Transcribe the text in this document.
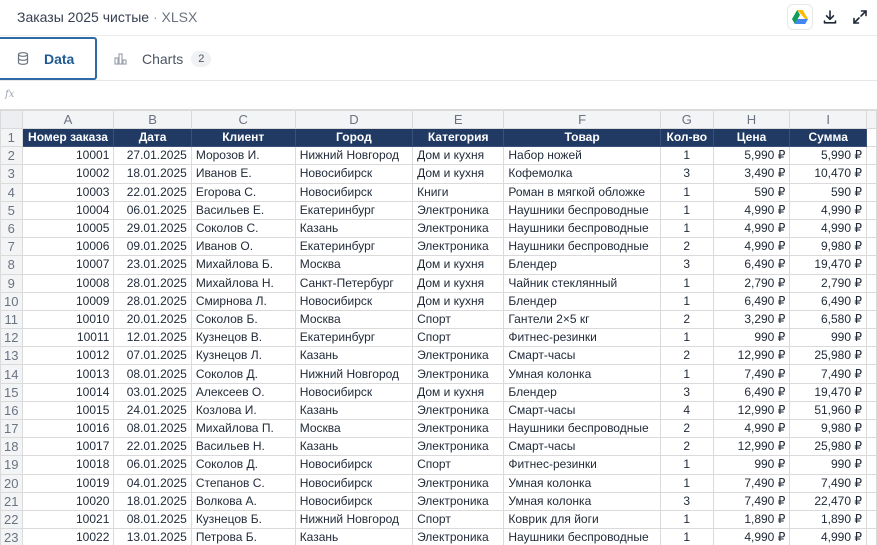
Заказы 2025 чистые · XLSX
Data	Charts	2
fx
	A	B	C	D	E	F	G	H	I	
1	Номер заказа	Дата	Клиент	Город	Категория	Товар	Кол-во	Цена	Сумма	
2	10001	27.01.2025	Морозов И.	Нижний Новгород	Дом и кухня	Набор ножей	1	5,990 ₽	5,990 ₽	
3	10002	18.01.2025	Иванов Е.	Новосибирск	Дом и кухня	Кофемолка	3	3,490 ₽	10,470 ₽	
4	10003	22.01.2025	Егорова С.	Новосибирск	Книги	Роман в мягкой обложке	1	590 ₽	590 ₽	
5	10004	06.01.2025	Васильев Е.	Екатеринбург	Электроника	Наушники беспроводные	1	4,990 ₽	4,990 ₽	
6	10005	29.01.2025	Соколов С.	Казань	Электроника	Наушники беспроводные	1	4,990 ₽	4,990 ₽	
7	10006	09.01.2025	Иванов О.	Екатеринбург	Электроника	Наушники беспроводные	2	4,990 ₽	9,980 ₽	
8	10007	23.01.2025	Михайлова Б.	Москва	Дом и кухня	Блендер	3	6,490 ₽	19,470 ₽	
9	10008	28.01.2025	Михайлова Н.	Санкт-Петербург	Дом и кухня	Чайник стеклянный	1	2,790 ₽	2,790 ₽	
10	10009	28.01.2025	Смирнова Л.	Новосибирск	Дом и кухня	Блендер	1	6,490 ₽	6,490 ₽	
11	10010	20.01.2025	Соколов Б.	Москва	Спорт	Гантели 2×5 кг	2	3,290 ₽	6,580 ₽	
12	10011	12.01.2025	Кузнецов В.	Екатеринбург	Спорт	Фитнес-резинки	1	990 ₽	990 ₽	
13	10012	07.01.2025	Кузнецов Л.	Казань	Электроника	Смарт-часы	2	12,990 ₽	25,980 ₽	
14	10013	08.01.2025	Соколов Д.	Нижний Новгород	Электроника	Умная колонка	1	7,490 ₽	7,490 ₽	
15	10014	03.01.2025	Алексеев О.	Новосибирск	Дом и кухня	Блендер	3	6,490 ₽	19,470 ₽	
16	10015	24.01.2025	Козлова И.	Казань	Электроника	Смарт-часы	4	12,990 ₽	51,960 ₽	
17	10016	08.01.2025	Михайлова П.	Москва	Электроника	Наушники беспроводные	2	4,990 ₽	9,980 ₽	
18	10017	22.01.2025	Васильев Н.	Казань	Электроника	Смарт-часы	2	12,990 ₽	25,980 ₽	
19	10018	06.01.2025	Соколов Д.	Новосибирск	Спорт	Фитнес-резинки	1	990 ₽	990 ₽	
20	10019	04.01.2025	Степанов С.	Новосибирск	Электроника	Умная колонка	1	7,490 ₽	7,490 ₽	
21	10020	18.01.2025	Волкова А.	Новосибирск	Электроника	Умная колонка	3	7,490 ₽	22,470 ₽	
22	10021	08.01.2025	Кузнецов Б.	Нижний Новгород	Спорт	Коврик для йоги	1	1,890 ₽	1,890 ₽	
23	10022	13.01.2025	Петрова Б.	Казань	Электроника	Наушники беспроводные	1	4,990 ₽	4,990 ₽	
